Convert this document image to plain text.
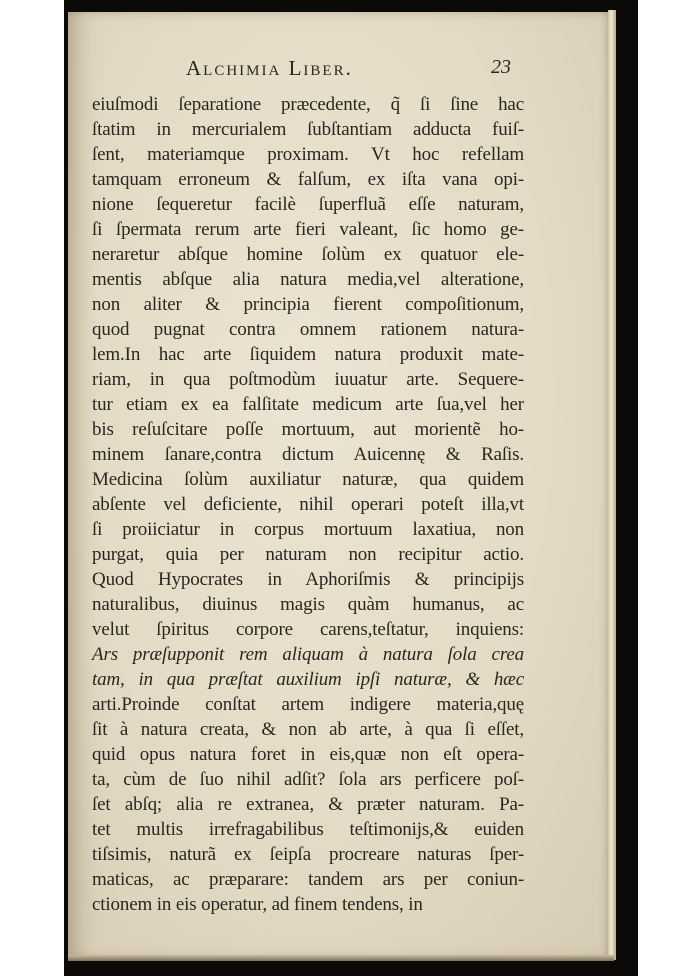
Alchimia Liber.	23
eiuſmodi ſeparatione præcedente, q̃ ſi ſine hac
ſtatim in mercurialem ſubſtantiam adducta fuiſ-
ſent, materiamque proximam. Vt hoc refellam
tamquam erroneum & falſum, ex iſta vana opi-
nione ſequeretur facilè ſuperfluã eſſe naturam,
ſi ſpermata rerum arte fieri valeant, ſic homo ge-
neraretur abſque homine ſolùm ex quatuor ele-
mentis abſque alia natura media,vel alteratione,
non aliter & principia fierent compoſitionum,
quod pugnat contra omnem rationem natura-
lem.In hac arte ſiquidem natura produxit mate-
riam, in qua poſtmodùm iuuatur arte. Sequere-
tur etiam ex ea falſitate medicum arte ſua,vel her
bis reſuſcitare poſſe mortuum, aut morientẽ ho-
minem ſanare,contra dictum Auicennę & Raſis.
Medicina ſolùm auxiliatur naturæ, qua quidem
abſente vel deficiente, nihil operari poteſt illa,vt
ſi proiiciatur in corpus mortuum laxatiua, non
purgat, quia per naturam non recipitur actio.
Quod Hypocrates in Aphoriſmis & principijs
naturalibus, diuinus magis quàm humanus, ac
velut ſpiritus corpore carens,teſtatur, inquiens:
Ars præſupponit rem aliquam à natura ſola crea
tam, in qua præſtat auxilium ipſi naturæ, & hæc
arti.Proinde conſtat artem indigere materia,quę
ſit à natura creata, & non ab arte, à qua ſi eſſet,
quid opus natura foret in eis,quæ non eſt opera-
ta, cùm de ſuo nihil adſit? ſola ars perficere poſ-
ſet abſq; alia re extranea, & præter naturam. Pa-
tet multis irrefragabilibus teſtimonijs,& euiden
tiſsimis, naturã ex ſeipſa procreare naturas ſper-
maticas, ac præparare: tandem ars per coniun-
ctionem in eis operatur, ad finem tendens, in
